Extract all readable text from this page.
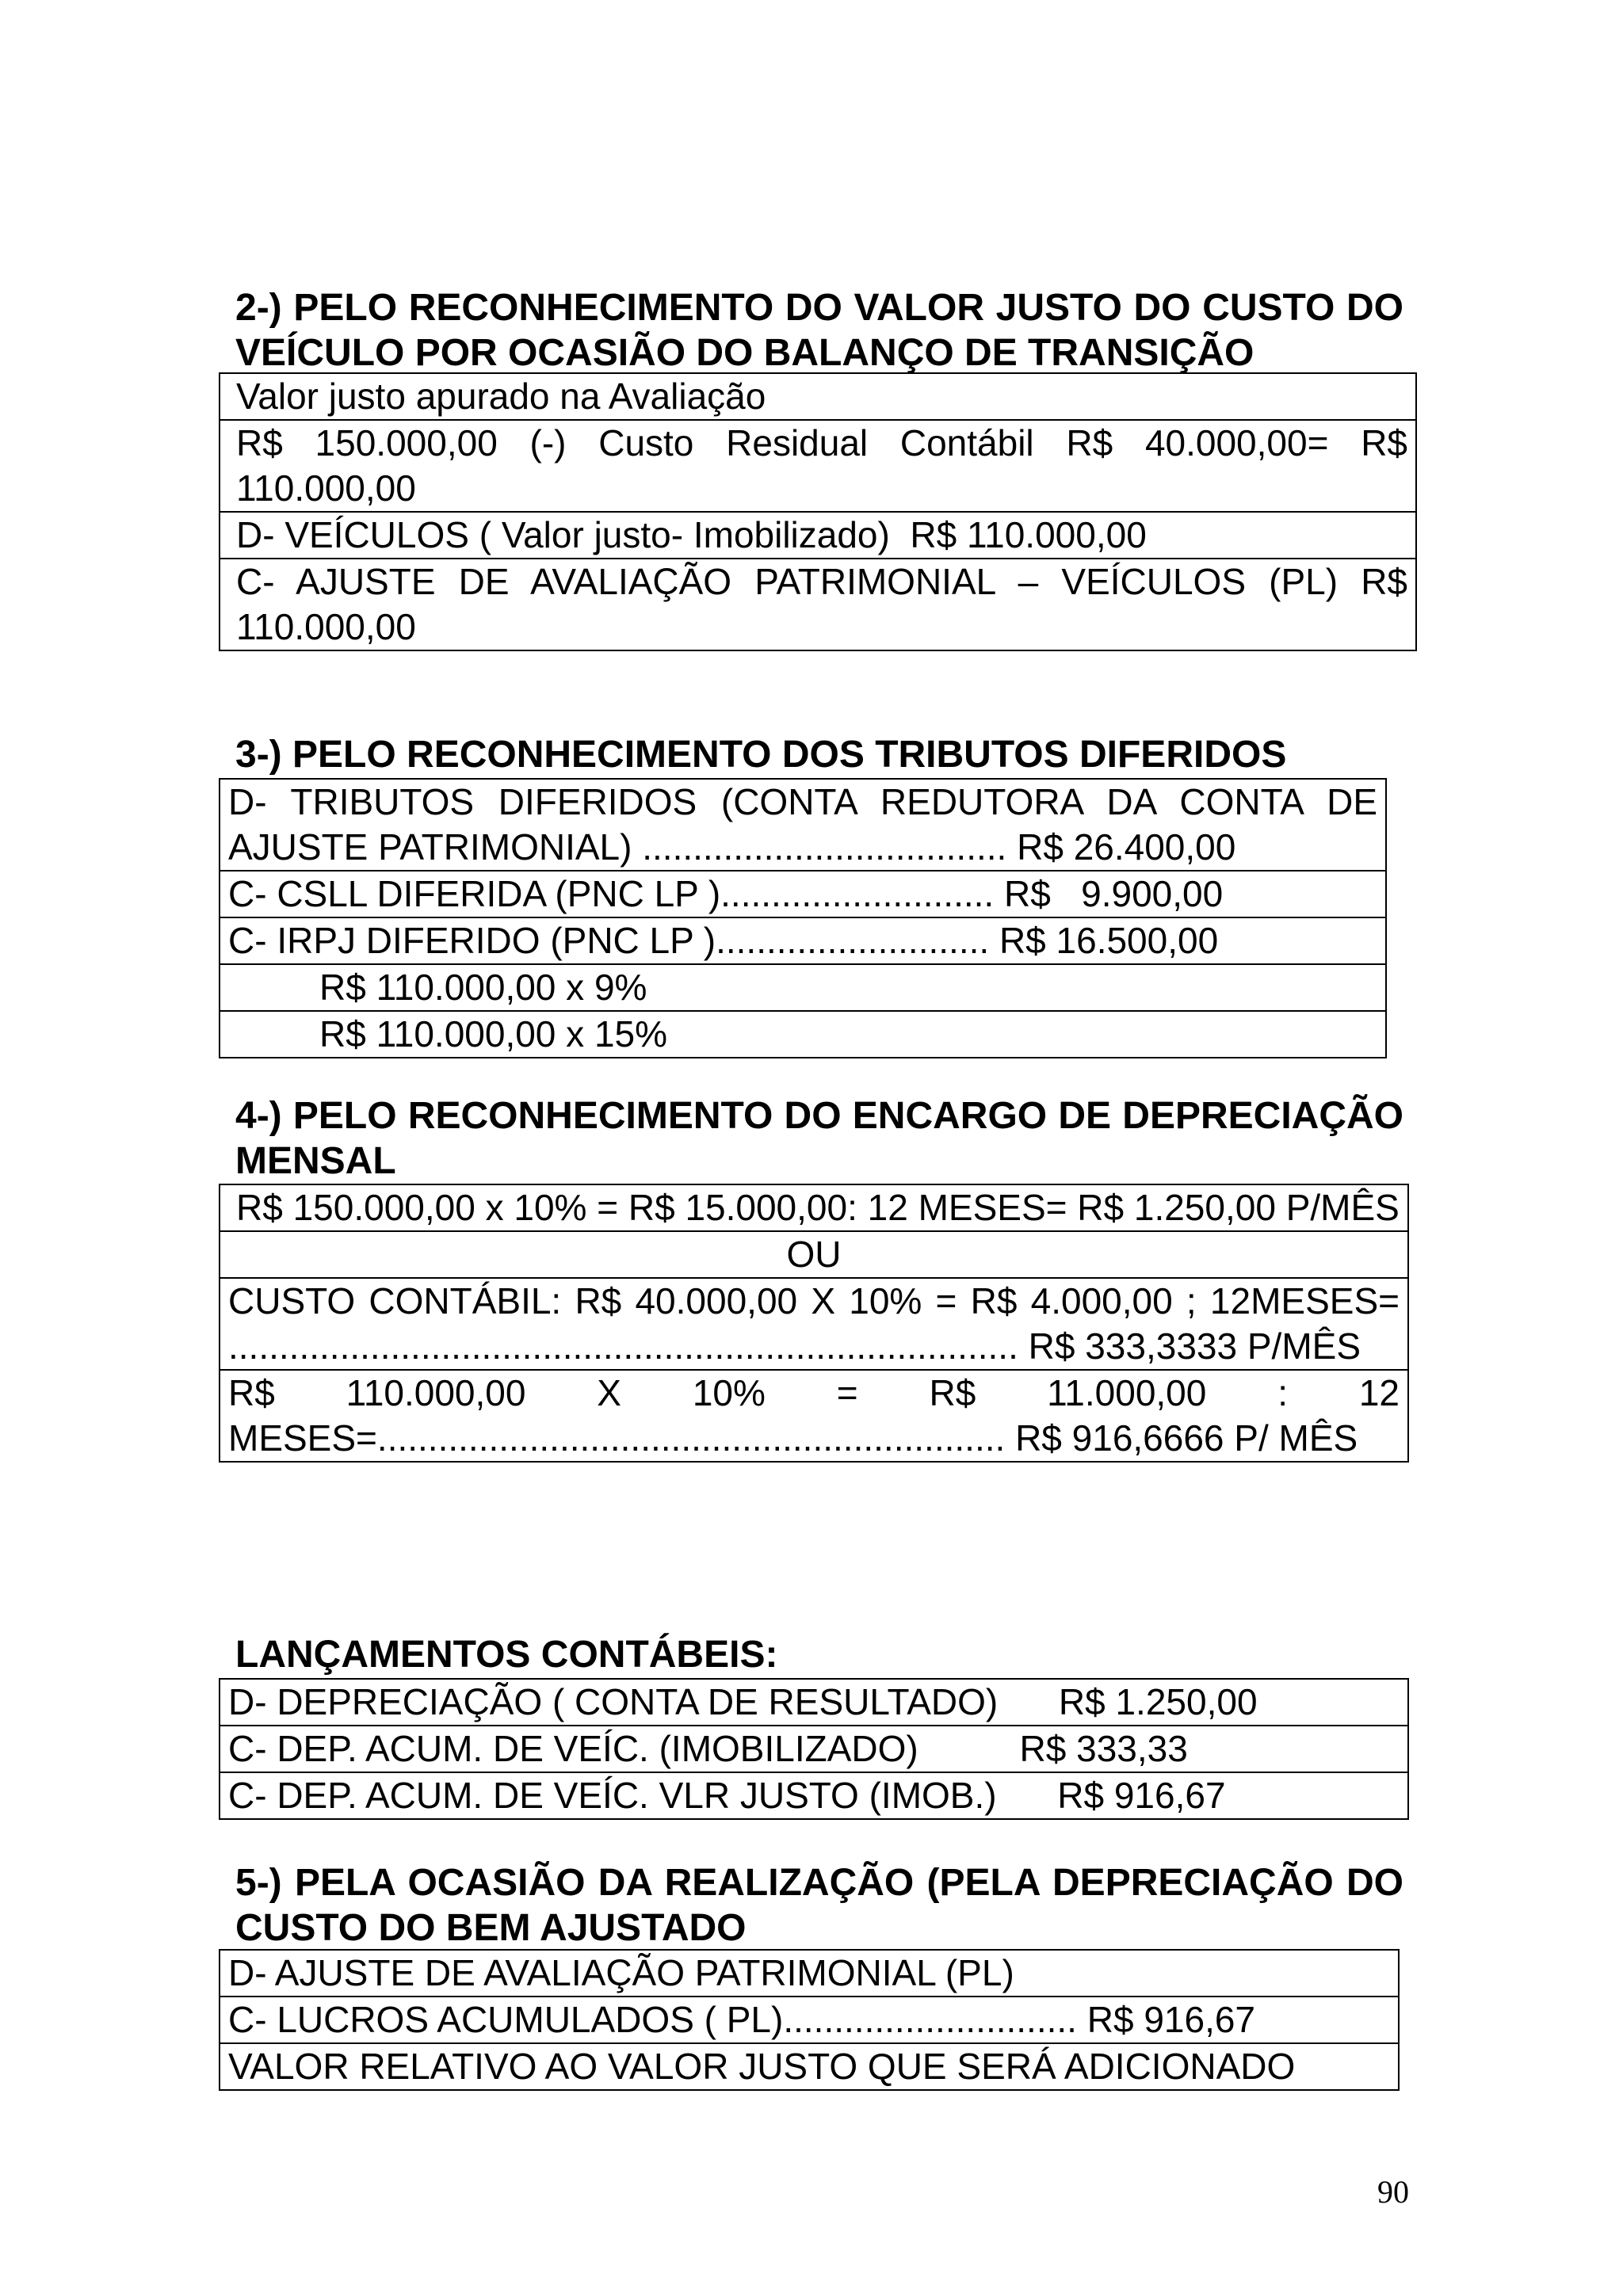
2-) PELO RECONHECIMENTO DO VALOR JUSTO DO CUSTO DO VEÍCULO POR OCASIÃO DO BALANÇO DE TRANSIÇÃO

Valor justo apurado na Avaliação
R$ 150.000,00 (-) Custo Residual Contábil R$ 40.000,00= R$ 110.000,00
D- VEÍCULOS ( Valor justo- Imobilizado)  R$ 110.000,00
C- AJUSTE DE AVALIAÇÃO PATRIMONIAL – VEÍCULOS (PL) R$ 110.000,00

3-) PELO RECONHECIMENTO DOS TRIBUTOS DIFERIDOS

D- TRIBUTOS DIFERIDOS (CONTA REDUTORA DA CONTA DE AJUSTE PATRIMONIAL) .................................... R$ 26.400,00
C- CSLL DIFERIDA (PNC LP )........................... R$   9.900,00
C- IRPJ DIFERIDO (PNC LP )........................... R$ 16.500,00
R$ 110.000,00 x 9%
R$ 110.000,00 x 15%

4-) PELO RECONHECIMENTO DO ENCARGO DE DEPRECIAÇÃO MENSAL

R$ 150.000,00 x 10% = R$ 15.000,00: 12 MESES= R$ 1.250,00 P/MÊS
OU
CUSTO CONTÁBIL: R$ 40.000,00 X 10% = R$ 4.000,00 ; 12MESES= .............................................................................. R$ 333,3333 P/MÊS
R$ 110.000,00 X 10% = R$ 11.000,00 : 12 MESES=.............................................................. R$ 916,6666 P/ MÊS

LANÇAMENTOS CONTÁBEIS:

D- DEPRECIAÇÃO ( CONTA DE RESULTADO)      R$ 1.250,00
C- DEP. ACUM. DE VEÍC. (IMOBILIZADO)          R$ 333,33
C- DEP. ACUM. DE VEÍC. VLR JUSTO (IMOB.)      R$ 916,67

5-) PELA OCASIÃO DA REALIZAÇÃO (PELA DEPRECIAÇÃO DO CUSTO DO BEM AJUSTADO

D- AJUSTE DE AVALIAÇÃO PATRIMONIAL (PL)
C- LUCROS ACUMULADOS ( PL)............................. R$ 916,67
VALOR RELATIVO AO VALOR JUSTO QUE SERÁ ADICIONADO
90
